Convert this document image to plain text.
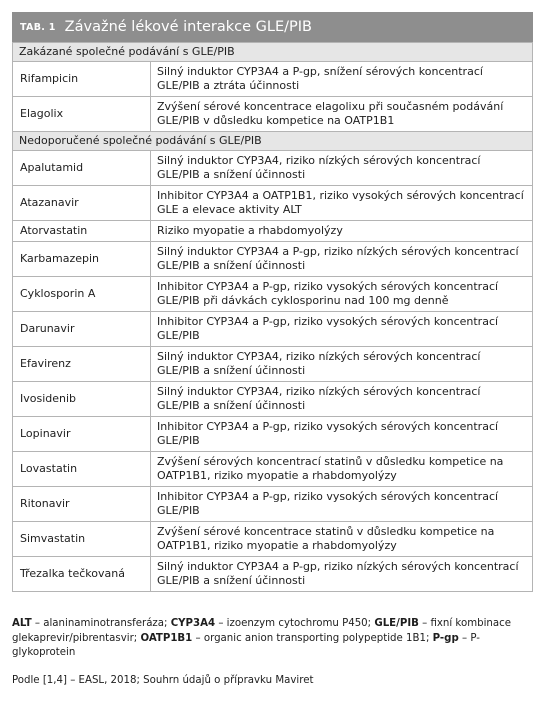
TAB. 1 Závažné lékové interakce GLE/PIB
Zakázané společné podávání s GLE/PIB	
Rifampicin	Silný induktor CYP3A4 a P-gp, snížení sérových koncentrací GLE/PIB a ztráta účinnosti
Elagolix	Zvýšení sérové koncentrace elagolixu při současném podávání GLE/PIB v důsledku kompetice na OATP1B1
Nedoporučené společné podávání s GLE/PIB	
Apalutamid	Silný induktor CYP3A4, riziko nízkých sérových koncentrací GLE/PIB a snížení účinnosti
Atazanavir	Inhibitor CYP3A4 a OATP1B1, riziko vysokých sérových koncentrací GLE a elevace aktivity ALT
Atorvastatin	Riziko myopatie a rhabdomyolýzy
Karbamazepin	Silný induktor CYP3A4 a P-gp, riziko nízkých sérových koncentrací GLE/PIB a snížení účinnosti
Cyklosporin A	Inhibitor CYP3A4 a P-gp, riziko vysokých sérových koncentrací GLE/PIB při dávkách cyklosporinu nad 100 mg denně
Darunavir	Inhibitor CYP3A4 a P-gp, riziko vysokých sérových koncentrací GLE/PIB
Efavirenz	Silný induktor CYP3A4, riziko nízkých sérových koncentrací GLE/PIB a snížení účinnosti
Ivosidenib	Silný induktor CYP3A4, riziko nízkých sérových koncentrací GLE/PIB a snížení účinnosti
Lopinavir	Inhibitor CYP3A4 a P-gp, riziko vysokých sérových koncentrací GLE/PIB
Lovastatin	Zvýšení sérových koncentrací statinů v důsledku kompetice na OATP1B1, riziko myopatie a rhabdomyolýzy
Ritonavir	Inhibitor CYP3A4 a P-gp, riziko vysokých sérových koncentrací GLE/PIB
Simvastatin	Zvýšení sérové koncentrace statinů v důsledku kompetice na OATP1B1, riziko myopatie a rhabdomyolýzy
Třezalka tečkovaná	Silný induktor CYP3A4 a P-gp, riziko nízkých sérových koncentrací GLE/PIB a snížení účinnosti
ALT – alaninaminotransferáza; CYP3A4 – izoenzym cytochromu P450; GLE/PIB – fixní kombinace glekaprevir/pibrentasvir; OATP1B1 – organic anion transporting polypeptide 1B1; P-gp – P-glykoprotein
Podle [1,4] – EASL, 2018; Souhrn údajů o přípravku Maviret
